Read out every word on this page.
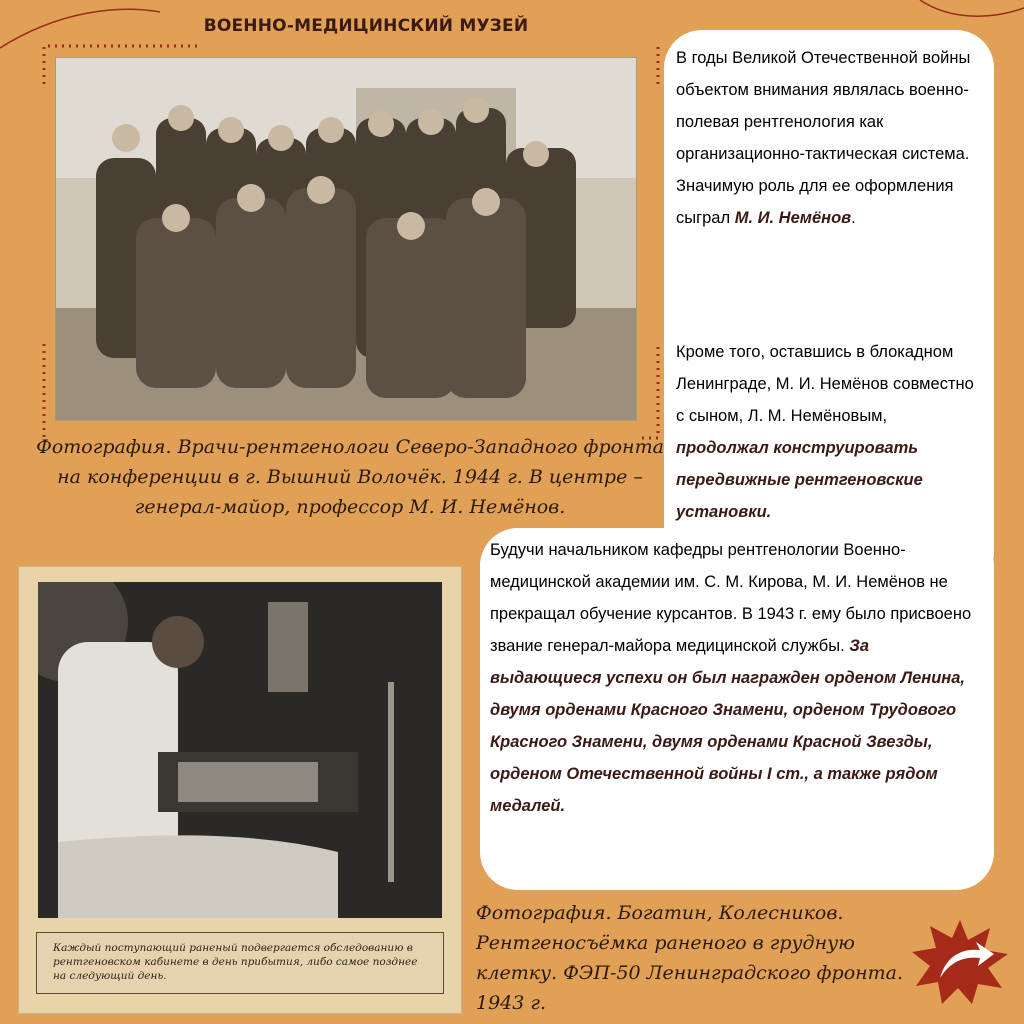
ВОЕННО-МЕДИЦИНСКИЙ МУЗЕЙ
Фотография. Врачи-рентгенологи Северо-Западного фронта на конференции в г. Вышний Волочёк. 1944 г. В центре – генерал-майор, профессор М. И. Немёнов.
Каждый поступающий раненый подвергается обследованию в рентгеновском кабинете в день прибытия, либо самое позднее на следующий день.
Фотография. Богатин, Колесников. Рентгеносъёмка раненого в грудную клетку. ФЭП-50 Ленинградского фронта. 1943 г.
В годы Великой Отечественной войны объектом внимания являлась военно-полевая рентгенология как организационно-тактическая система. Значимую роль для ее оформления сыграл М. И. Немёнов.
Кроме того, оставшись в блокадном Ленинграде, М. И. Немёнов совместно с сыном, Л. М. Немёновым, продолжал конструировать передвижные рентгеновские установки.
Будучи начальником кафедры рентгенологии Военно-медицинской академии им. С. М. Кирова, М. И. Немёнов не прекращал обучение курсантов. В 1943 г. ему было присвоено звание генерал-майора медицинской службы. За выдающиеся успехи он был награжден орденом Ленина, двумя орденами Красного Знамени, орденом Трудового Красного Знамени, двумя орденами Красной Звезды, орденом Отечественной войны I ст., а также рядом медалей.
